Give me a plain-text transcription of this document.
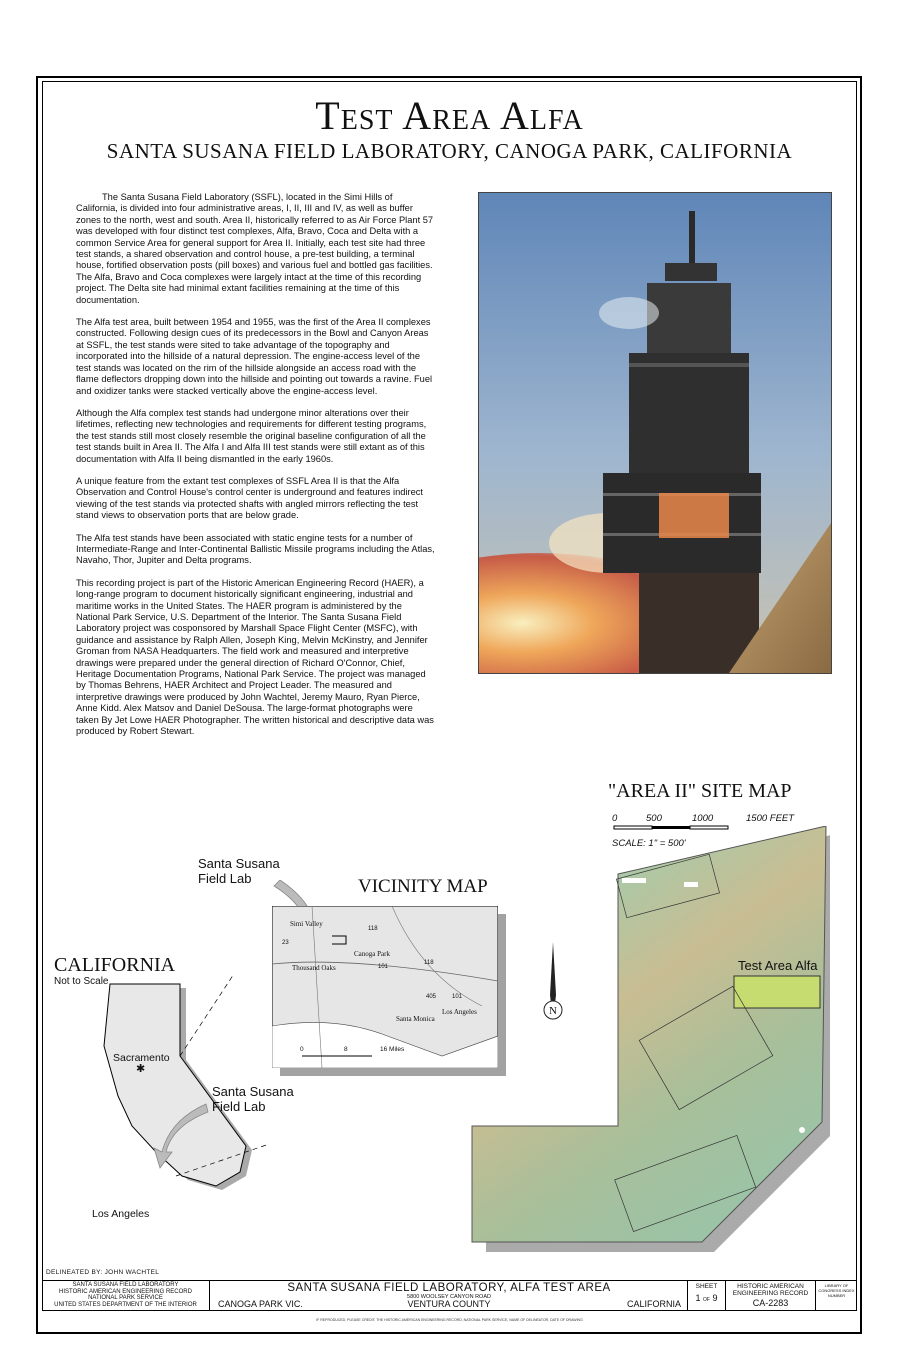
Test Area Alfa
SANTA SUSANA FIELD LABORATORY, CANOGA PARK, CALIFORNIA

The Santa Susana Field Laboratory (SSFL), located in the Simi Hills of California, is divided into four administrative areas, I, II, III and IV, as well as buffer zones to the north, west and south. Area II, historically referred to as Air Force Plant 57 was developed with four distinct test complexes, Alfa, Bravo, Coca and Delta with a common Service Area for general support for Area II. Initially, each test site had three test stands, a shared observation and control house, a pre-test building, a terminal house, fortified observation posts (pill boxes) and various fuel and bottled gas facilities. The Alfa, Bravo and Coca complexes were largely intact at the time of this recording project. The Delta site had minimal extant facilities remaining at the time of this documentation.

The Alfa test area, built between 1954 and 1955, was the first of the Area II complexes constructed. Following design cues of its predecessors in the Bowl and Canyon Areas at SSFL, the test stands were sited to take advantage of the topography and incorporated into the hillside of a natural depression. The engine-access level of the test stands was located on the rim of the hillside alongside an access road with the flame deflectors dropping down into the hillside and pointing out towards a ravine. Fuel and oxidizer tanks were stacked vertically above the engine-access level.

Although the Alfa complex test stands had undergone minor alterations over their lifetimes, reflecting new technologies and requirements for different testing programs, the test stands still most closely resemble the original baseline configuration of all the test stands built in Area II. The Alfa I and Alfa III test stands were still extant as of this documentation with Alfa II being dismantled in the early 1960s.

A unique feature from the extant test complexes of SSFL Area II is that the Alfa Observation and Control House's control center is underground and features indirect viewing of the test stands via protected shafts with angled mirrors reflecting the test stand views to observation ports that are below grade.

The Alfa test stands have been associated with static engine tests for a number of Intermediate-Range and Inter-Continental Ballistic Missile programs including the Atlas, Navaho, Thor, Jupiter and Delta programs.

This recording project is part of the Historic American Engineering Record (HAER), a long-range program to document historically significant engineering, industrial and maritime works in the United States. The HAER program is administered by the National Park Service, U.S. Department of the Interior. The Santa Susana Field Laboratory project was cosponsored by Marshall Space Flight Center (MSFC), with guidance and assistance by Ralph Allen, Joseph King, Melvin McKinstry, and Jennifer Groman from NASA Headquarters. The field work and measured and interpretive drawings were prepared under the general direction of Richard O'Connor, Chief, Heritage Documentation Programs, National Park Service. The project was managed by Thomas Behrens, HAER Architect and Project Leader. The measured and interpretive drawings were produced by John Wachtel, Jeremy Mauro, Ryan Pierce, Anne Kidd. Alex Matsov and Daniel DeSousa. The large-format photographs were taken By Jet Lowe HAER Photographer. The written historical and descriptive data was produced by Robert Stewart.

"AREA II" SITE MAP
0	500	1000	1500 FEET
SCALE: 1" = 500'
Test Area Alfa
N
VICINITY MAP
Santa Susana Field Lab
Simi Valley
Canoga Park
Thousand Oaks
Los Angeles
Santa Monica
118
23
101
118
405	101
0	8	16 Miles
CALIFORNIA
Not to Scale
Sacramento
✱
Santa Susana Field Lab
Los Angeles
DELINEATED BY: JOHN WACHTEL
SANTA SUSANA FIELD LABORATORY
HISTORIC AMERICAN ENGINEERING RECORD
NATIONAL PARK SERVICE
UNITED STATES DEPARTMENT OF THE INTERIOR
SANTA SUSANA FIELD LABORATORY, ALFA TEST AREA
5800 WOOLSEY CANYON ROAD
CANOGA PARK VIC.	VENTURA COUNTY	CALIFORNIA
SHEET
1 OF 9
HISTORIC AMERICAN
ENGINEERING RECORD
CA-2283
LIBRARY OF CONGRESS INDEX NUMBER
IF REPRODUCED, PLEASE CREDIT: THE HISTORIC AMERICAN ENGINEERING RECORD, NATIONAL PARK SERVICE, NAME OF DELINEATOR, DATE OF DRAWING
